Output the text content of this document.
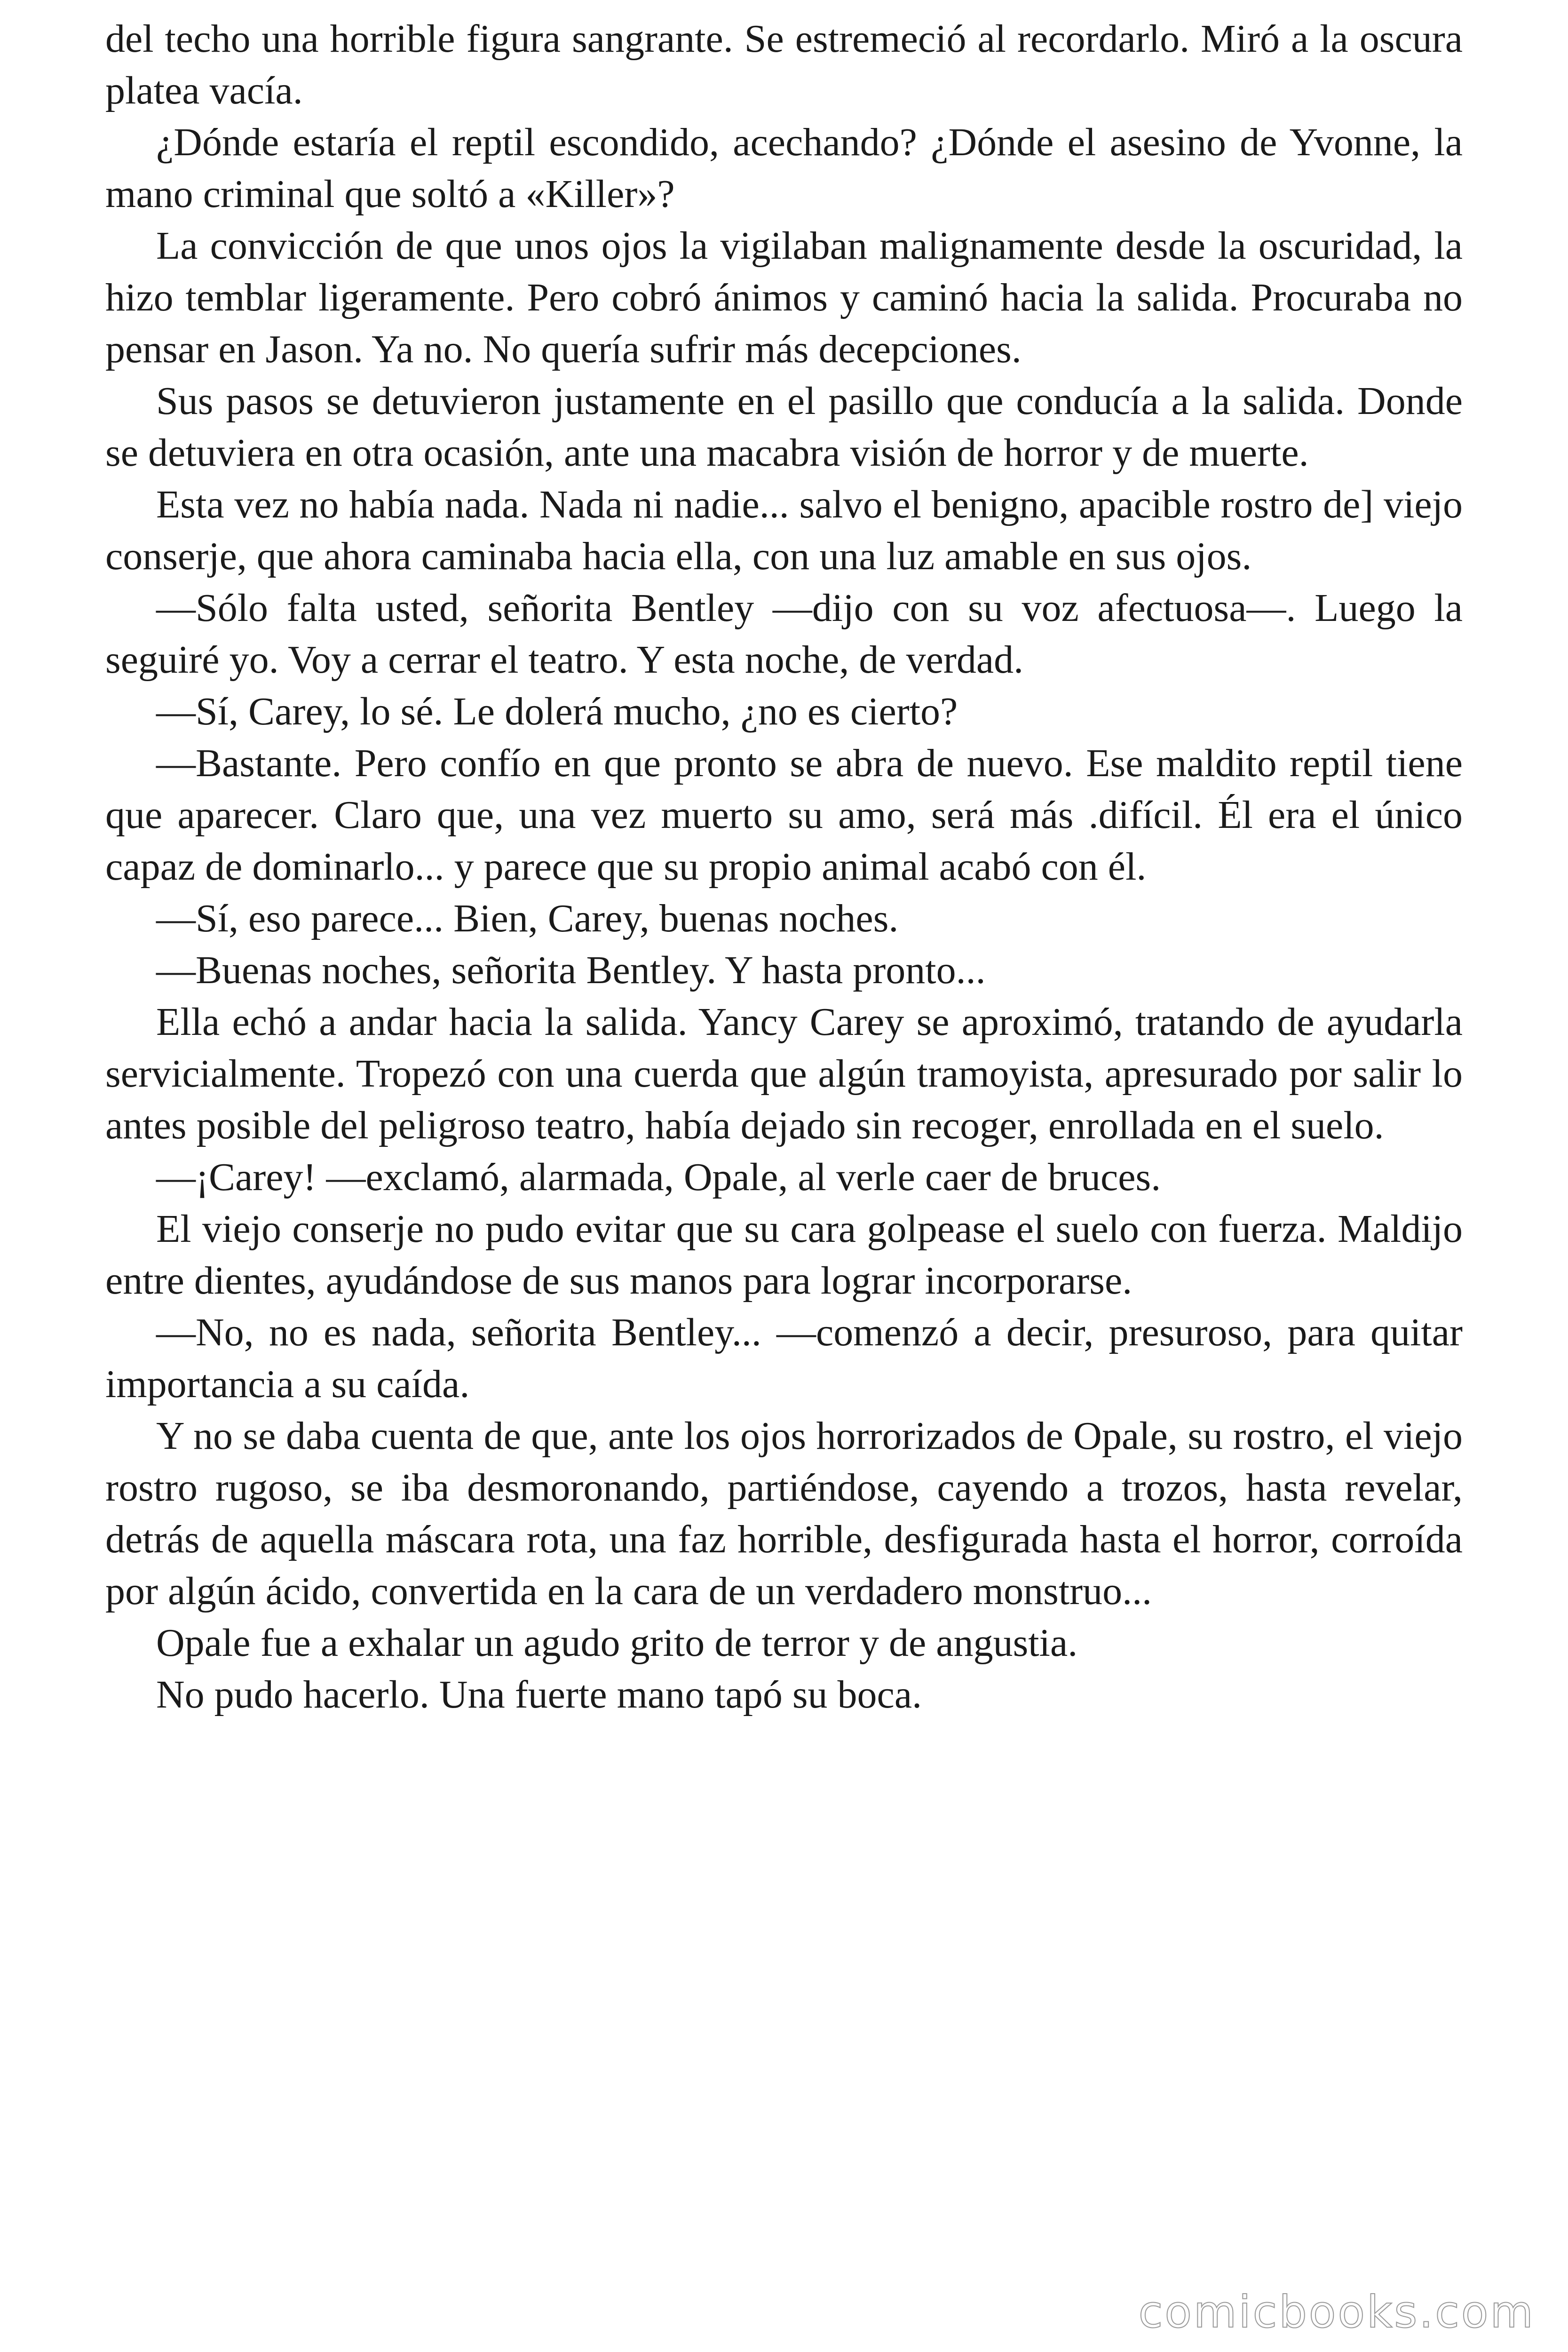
del techo una horrible figura sangrante. Se estremeció al recordarlo. Miró a la oscura platea vacía.

¿Dónde estaría el reptil escondido, acechando? ¿Dónde el asesino de Yvonne, la mano criminal que soltó a «Killer»?

La convicción de que unos ojos la vigilaban malignamente desde la oscuridad, la hizo temblar ligeramente. Pero cobró ánimos y caminó hacia la salida. Procuraba no pensar en Jason. Ya no. No quería sufrir más decepciones.

Sus pasos se detuvieron justamente en el pasillo que conducía a la salida. Donde se detuviera en otra ocasión, ante una macabra visión de horror y de muerte.

Esta vez no había nada. Nada ni nadie... salvo el benigno, apacible rostro de] viejo conserje, que ahora caminaba hacia ella, con una luz amable en sus ojos.

—Sólo falta usted, señorita Bentley —dijo con su voz afectuosa—. Luego la seguiré yo. Voy a cerrar el teatro. Y esta noche, de verdad.

—Sí, Carey, lo sé. Le dolerá mucho, ¿no es cierto?

—Bastante. Pero confío en que pronto se abra de nuevo. Ese maldito reptil tiene que aparecer. Claro que, una vez muerto su amo, será más .difícil. Él era el único capaz de dominarlo... y parece que su propio animal acabó con él.

—Sí, eso parece... Bien, Carey, buenas noches.

—Buenas noches, señorita Bentley. Y hasta pronto...

Ella echó a andar hacia la salida. Yancy Carey se aproximó, tratando de ayudarla servicialmente. Tropezó con una cuerda que algún tramoyista, apresurado por salir lo antes posible del peligroso teatro, había dejado sin recoger, enrollada en el suelo.

—¡Carey! —exclamó, alarmada, Opale, al verle caer de bruces.

El viejo conserje no pudo evitar que su cara golpease el suelo con fuerza. Maldijo entre dientes, ayudándose de sus manos para lograr incorporarse.

—No, no es nada, señorita Bentley... —comenzó a decir, presuroso, para quitar importancia a su caída.

Y no se daba cuenta de que, ante los ojos horrorizados de Opale, su rostro, el viejo rostro rugoso, se iba desmoronando, partiéndose, cayendo a trozos, hasta revelar, detrás de aquella máscara rota, una faz horrible, desfigurada hasta el horror, corroída por algún ácido, convertida en la cara de un verdadero monstruo...

Opale fue a exhalar un agudo grito de terror y de angustia.

No pudo hacerlo. Una fuerte mano tapó su boca.

comicbooks.com
